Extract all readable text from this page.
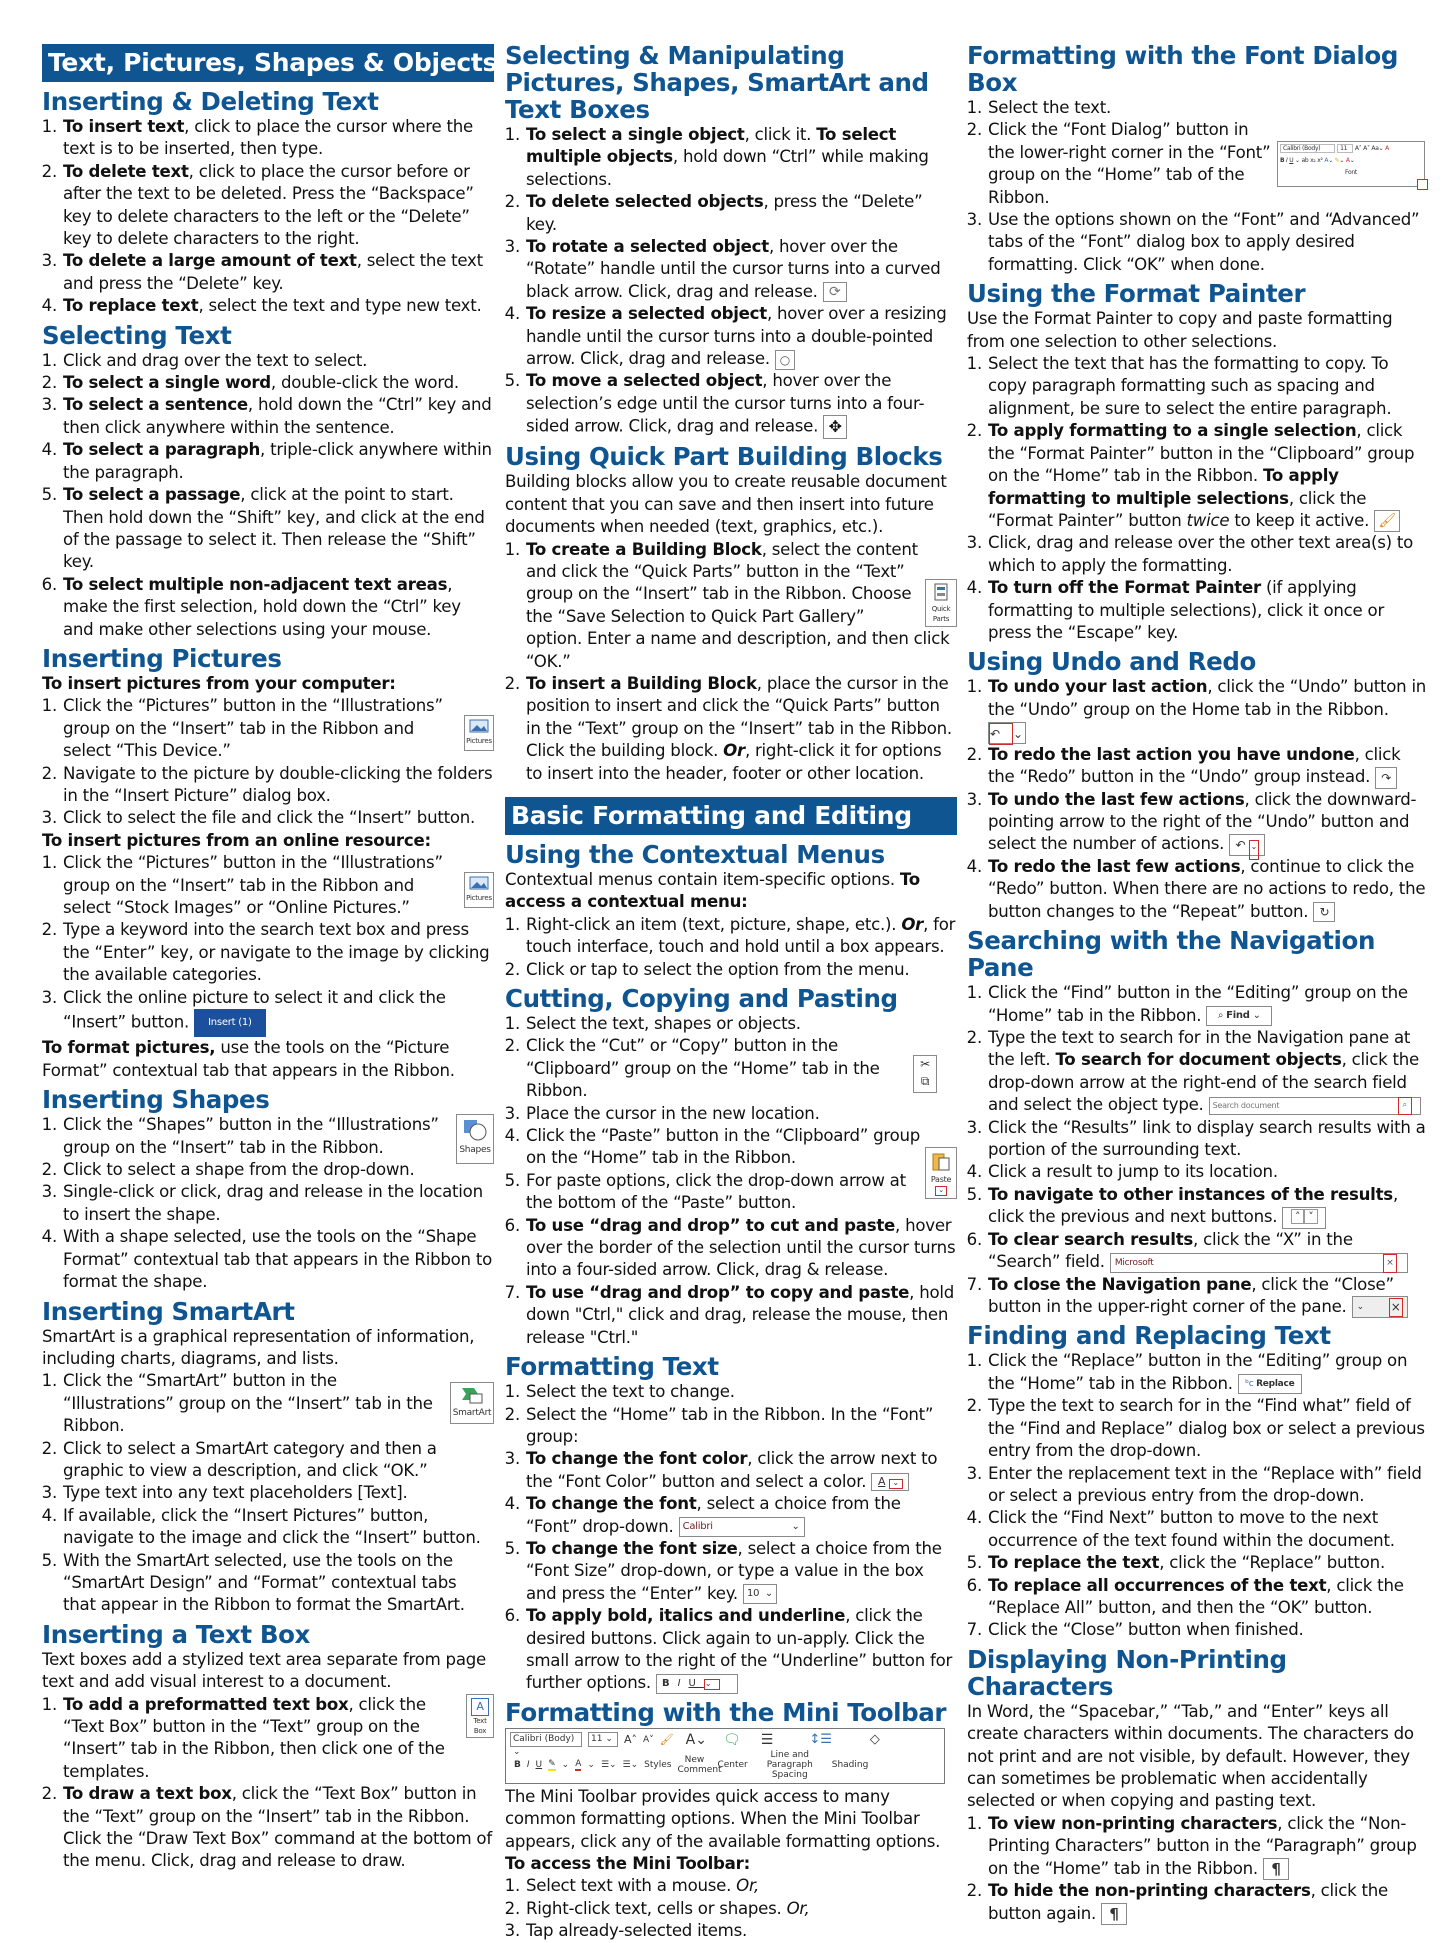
Text, Pictures, Shapes & Objects
Inserting & Deleting Text
1. To insert text, click to place the cursor where the text is to be inserted, then type.
2. To delete text, click to place the cursor before or after the text to be deleted. Press the “Backspace” key to delete characters to the left or the “Delete” key to delete characters to the right.
3. To delete a large amount of text, select the text and press the “Delete” key.
4. To replace text, select the text and type new text.
Selecting Text
1. Click and drag over the text to select.
2. To select a single word, double-click the word.
3. To select a sentence, hold down the “Ctrl” key and then click anywhere within the sentence.
4. To select a paragraph, triple-click anywhere within the paragraph.
5. To select a passage, click at the point to start. Then hold down the “Shift” key, and click at the end of the passage to select it. Then release the “Shift” key.
6. To select multiple non-adjacent text areas, make the first selection, hold down the “Ctrl” key and make other selections using your mouse.
Inserting Pictures

To insert pictures from your computer:

1. Pictures
Click the “Pictures” button in the “Illustrations” group on the “Insert” tab in the Ribbon and select “This Device.”
2. Navigate to the picture by double-clicking the folders in the “Insert Picture” dialog box.
3. Click to select the file and click the “Insert” button.

To insert pictures from an online resource:

1. Pictures
Click the “Pictures” button in the “Illustrations” group on the “Insert” tab in the Ribbon and select “Stock Images” or “Online Pictures.”
2. Type a keyword into the search text box and press the “Enter” key, or navigate to the image by clicking the available categories.
3. Click the online picture to select it and click the “Insert” button. Insert (1)

To format pictures, use the tools on the “Picture Format” contextual tab that appears in the Ribbon.

Inserting Shapes
1. Shapes
Click the “Shapes” button in the “Illustrations” group on the “Insert” tab in the Ribbon.
2. Click to select a shape from the drop-down.
3. Single-click or click, drag and release in the location to insert the shape.
4. With a shape selected, use the tools on the “Shape Format” contextual tab that appears in the Ribbon to format the shape.
Inserting SmartArt

SmartArt is a graphical representation of information, including charts, diagrams, and lists.

1. SmartArt
Click the “SmartArt” button in the “Illustrations” group on the “Insert” tab in the Ribbon.
2. Click to select a SmartArt category and then a graphic to view a description, and click “OK.”
3. Type text into any text placeholders [Text].
4. If available, click the “Insert Pictures” button, navigate to the image and click the “Insert” button.
5. With the SmartArt selected, use the tools on the “SmartArt Design” and “Format” contextual tabs that appear in the Ribbon to format the SmartArt.
Inserting a Text Box

Text boxes add a stylized text area separate from page text and add visual interest to a document.

1. A
Text Box
To add a preformatted text box, click the “Text Box” button in the “Text” group on the “Insert” tab in the Ribbon, then click one of the templates.
2. To draw a text box, click the “Text Box” button in the “Text” group on the “Insert” tab in the Ribbon. Click the “Draw Text Box” command at the bottom of the menu. Click, drag and release to draw.
Selecting & Manipulating Pictures, Shapes, SmartArt and Text Boxes
1. To select a single object, click it. To select multiple objects, hold down “Ctrl” while making selections.
2. To delete selected objects, press the “Delete” key.
3. To rotate a selected object, hover over the “Rotate” handle until the cursor turns into a curved black arrow. Click, drag and release. ⟳
4. To resize a selected object, hover over a resizing handle until the cursor turns into a double-pointed arrow. Click, drag and release. ○
5. To move a selected object, hover over the selection’s edge until the cursor turns into a four-sided arrow. Click, drag and release. ✥
Using Quick Part Building Blocks

Building blocks allow you to create reusable document content that you can save and then insert into future documents when needed (text, graphics, etc.).

1. Quick Parts
To create a Building Block, select the content and click the “Quick Parts” button in the “Text” group on the “Insert” tab in the Ribbon. Choose the “Save Selection to Quick Part Gallery” option. Enter a name and description, and then click “OK.”
2. To insert a Building Block, place the cursor in the position to insert and click the “Quick Parts” button in the “Text” group on the “Insert” tab in the Ribbon. Click the building block. Or, right-click it for options to insert into the header, footer or other location.
Basic Formatting and Editing
Using the Contextual Menus

Contextual menus contain item-specific options. To access a contextual menu:

1. Right-click an item (text, picture, shape, etc.). Or, for touch interface, touch and hold until a box appears.
2. Click or tap to select the option from the menu.
Cutting, Copying and Pasting
1. Select the text, shapes or objects.
2. ✂
⧉
Click the “Cut” or “Copy” button in the “Clipboard” group on the “Home” tab in the Ribbon.
3. Place the cursor in the new location.

4. Paste
⌄
Click the “Paste” button in the “Clipboard” group on the “Home” tab in the Ribbon.
5. For paste options, click the drop-down arrow at the bottom of the “Paste” button.
6. To use “drag and drop” to cut and paste, hover over the border of the selection until the cursor turns into a four-sided arrow. Click, drag & release.
7. To use “drag and drop” to copy and paste, hold down "Ctrl," click and drag, release the mouse, then release "Ctrl."
Formatting Text
1. Select the text to change.
2. Select the “Home” tab in the Ribbon. In the “Font” group:
3. To change the font color, click the arrow next to the “Font Color” button and select a color. A ⌄
4. To change the font, select a choice from the “Font” drop-down. Calibri	⌄
5. To change the font size, select a choice from the “Font Size” drop-down, or type a value in the box and press the “Enter” key. 10 ⌄
6. To apply bold, italics and underline, click the desired buttons. Click again to un-apply. Click the small arrow to the right of the “Underline” button for further options. BIU⌄
Formatting with the Mini Toolbar
Calibri (Body) ⌄
11 ⌄	A˄ A˅ 🖌 A⌄ 🗨 ☰	↕☰	◇
B I U ✎ ⌄ A ⌄ ☰⌄ ☰⌄ Styles	New Comment
Center
Line and Paragraph Spacing
Shading

The Mini Toolbar provides quick access to many common formatting options. When the Mini Toolbar appears, click any of the available formatting options.

To access the Mini Toolbar:

1. Select text with a mouse. Or,
2. Right-click text, cells or shapes. Or,
3. Tap already-selected items.
Formatting with the Font Dialog Box
1. Select the text.
2. Calibri (Body)	11 A˄ A˅ Aa⌄ A
B I U ⌄ ab x₂ x² A⌄ ✎⌄ A⌄

Font
Click the “Font Dialog” button in the lower-right corner in the “Font” group on the “Home” tab of the Ribbon.
3. Use the options shown on the “Font” and “Advanced” tabs of the “Font” dialog box to apply desired formatting. Click “OK” when done.
Using the Format Painter

Use the Format Painter to copy and paste formatting from one selection to other selections.

1. Select the text that has the formatting to copy. To copy paragraph formatting such as spacing and alignment, be sure to select the entire paragraph.
2. To apply formatting to a single selection, click the “Format Painter” button in the “Clipboard” group on the “Home” tab in the Ribbon. To apply formatting to multiple selections, click the “Format Painter” button twice to keep it active. 🖌
3. Click, drag and release over the other text area(s) to which to apply the formatting.
4. To turn off the Format Painter (if applying formatting to multiple selections), click it once or press the “Escape” key.
Using Undo and Redo
1. To undo your last action, click the “Undo” button in the “Undo” group on the Home tab in the Ribbon. ↶ ⌄
2. To redo the last action you have undone, click the “Redo” button in the “Undo” group instead. ↷
3. To undo the last few actions, click the downward-pointing arrow to the right of the “Undo” button and select the number of actions. ↶ ⌄
4. To redo the last few actions, continue to click the “Redo” button. When there are no actions to redo, the button changes to the “Repeat” button. ↻
Searching with the Navigation Pane
1. Click the “Find” button in the “Editing” group on the “Home” tab in the Ribbon. ⌕ Find ⌄
2. Type the text to search for in the Navigation pane at the left. To search for document objects, click the drop-down arrow at the right-end of the search field and select the object type. Search document	⌕
3. Click the “Results” link to display search results with a portion of the surrounding text.
4. Click a result to jump to its location.
5. To navigate to other instances of the results, click the previous and next buttons. ˄ ˅
6. To clear search results, click the “X” in the “Search” field. Microsoft	×
7. To close the Navigation pane, click the “Close” button in the upper-right corner of the pane. ⌄ ×
Finding and Replacing Text
1. Click the “Replace” button in the “Editing” group on the “Home” tab in the Ribbon. ᵇc Replace
2. Type the text to search for in the “Find what” field of the “Find and Replace” dialog box or select a previous entry from the drop-down.
3. Enter the replacement text in the “Replace with” field or select a previous entry from the drop-down.
4. Click the “Find Next” button to move to the next occurrence of the text found within the document.
5. To replace the text, click the “Replace” button.
6. To replace all occurrences of the text, click the “Replace All” button, and then the “OK” button.
7. Click the “Close” button when finished.
Displaying Non-Printing Characters

In Word, the “Spacebar,” “Tab,” and “Enter” keys all create characters within documents. The characters do not print and are not visible, by default. However, they can sometimes be problematic when accidentally selected or when copying and pasting text.

1. To view non-printing characters, click the “Non-Printing Characters” button in the “Paragraph” group on the “Home” tab in the Ribbon. ¶
2. To hide the non-printing characters, click the button again. ¶
